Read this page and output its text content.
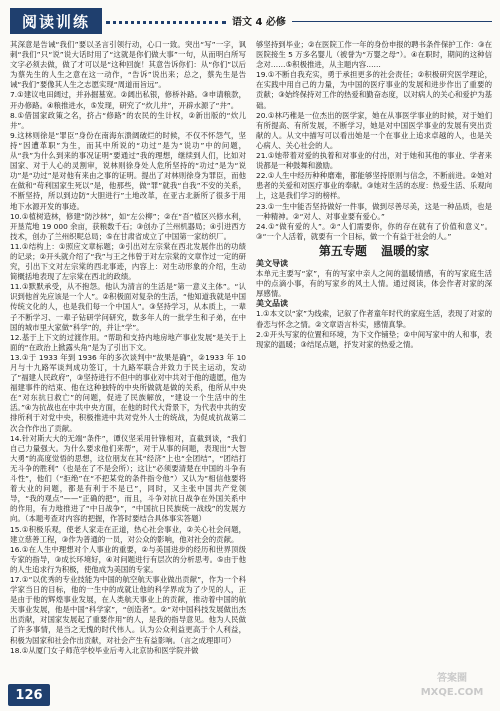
阅读训练	语文 4 必修

其深意是告诫“我们”要以圣言引领行动，心口一致。突出“写”一字，讽刺“我们”只“说”说大话时用了“这就是你们做大事”一句，从而明白所写文字必须去做，做了才可以是“这种回旋！其意告诉你们：从“你们”以后为蔡先生的人生之意在这一动作，“告诉”说出来；总之，蔡先生是告诫“我们”要像其人生之志愿实现“周道而旨远”。

7.①建议电田阔过，并孙掘墓宽。②阔出私银，修桥补路。③申请粮款，开办修路。④粮推进水，⑤发现，研究了“炊儿井”，开辟水源了“井”。

8.①借国家政策之名，挤占“修路”的农民的生计权，②新出版的“炊儿井”。

9.这林则徐是“罪臣”身份在南海东溃阔破烂的时候，不仅不怀怨气，坚持“因遭革职”为生，而其中所说的“功过”是为“说功”中的问题，从“我”为什么到来的事况证明“要通过”我的理想，继续到人们，比如对国家、对于人心的灵割审，说林则徐身处人危所坚持的“功过”是为“说功”是“功过”是对他有来由之事的证明。提出了对林则徐身为罪臣，而他在做和“苟利国家生死以”是，他那些，做“罪”就我“自我”不安的关系，不断坚持，所以到边防“大胆进行”土地改革，在亚古北新所了很多于用地下水源开发的事迹。

10.①植树造林，修建“防沙林”，如“左公柳”；②在“吾”植区兴修水利，开垦荒地 19 000 余亩，获粮数千石；③创办了兰州机器局；④引进西方技术，创办了兰州织呢总局；⑤在甘肃省成立了中国第一家纺织厂。

11.①结构上：①照应文章标题；③引出对左宗棠在西北发展作出的功绩的记录；②开头就介绍了“我”与王之伟曾于对左宗棠的文章作过一定的研究，引出下文对左宗棠的西北事迹，内容上：对生动形象的介绍，生动简概括地表现了左宗棠在西北的政绩。

11.①默默承受，从不抱怨。他认为清言的生活是“第一意义主体”。“认识到他首先应该是一个人”。②积极面对复杂的生活，“他知道我就是中国传统文化的人，也是我们每一个中国人”。③坚持学习，从本质上，一辈子不断学习、一辈子钻研学问研究，数多年人的一批学生和子弟，在中国的城市里大家做“科学”的，并让“学”。

12.基于上下文的过渡作用。“帮助和支持内地房地产事业发展”是关于上面的“在政治上掀露头角”是为了引出下文。

13.①于 1933 年到 1936 年的多次谈判中“故果是确”，②1933 年 10 月与十九路军谈判成功签订，十九路军联合并致力于民主运动，发动了“福建人民政府”，③坚持进行不但中的事业对中共对于他的遗愿，他为福建事件的结束、他在这种独特的中央所做就是做的关系，他所从中央在“对东抗日救亡”的问题，促进了民族解放，“建设一个生活中的生活。”④为抗战也在中共中央方面，在他的时代大背景下，为代表中共的安排所利于对党中央，积极推进中共对党外人士的统战，为促成抗战第二次合作作出了贡献。

14.针对斯大大的无端“条件”，谭仪坚采用针锋相对，直截到谈，“我们自己力量强大。为什么要求他们来帮”，对于从事的问题，表现出“大智大勇”的高度觉悟的思想，这位朋友在其“经济”上也“全团结”，“团结打无斗争的胜利”（也是在了不是会所）；这让“必须要清楚在中国的斗争有斗性”，他们（“拒绝”在“不把某党的条件指令他”）又认为“相信他要将着大业的问题，都是有利于不是已”，同时，又主张中国共产党领导，“我的观点”——“正确的把”，而且，斗争对抗日战争在外国关系中的作用，有力地推进了“中日战争”，“中国抗日民族统一战线”的发展方向。（本题考查对内容的把握，作答时要结合具体事实答题）

15.①积极乐观，使老人家走在正道，热心社会事业，②关心社会问题，建立慈善工程，③作为普通的一员，对公众的影响，他对社会的贡献。

16.①在人生中理想对个人事业的重要，②与美国进步的经历和世界顶级专家的指导，③成长环境好，④对问题进行有层次的分析思考。⑤由于他的人生追求行为积极，使他成为美国的专家。

17.①“以优秀的专业技能为中国的航空航天事业做出贡献”，作为一个科学家当日的目标，他的一生中的成就让他的科学界成为了少见的人，正是由于他的辉煌事业发展，在人类航天事业上的贡献，推动着中国的航天事业发展，他是中国“科学家”，“创造者”。②“对中国科技发展做出杰出贡献，对国家发展起了重要作用”的人，是我的指导意见。他为人民做了许多事情，是当之无愧的时代伟人。认为公众利益更高于个人利益，积极为国家和社会作出贡献，对社会产生有益影响。（言之成理即可）

18.①从厦门女子师范学校毕业后考入北京协和医学院并做

够坚持到毕业；②在医院工作一年的身份申报的聘书条件保护工作：③在医院接生 5 万多名婴儿（被誉为“万婴之母”）。④在职时，期间的这种信念对……⑤积极推进，从主题内容……

19.①不断自我充实，勇于承担更多的社会责任；②积极研究医学理论，在实践中用自己的力量，为中国的医疗事业的发展和进步作出了重要的贡献；③始终保持对工作的热爱和勤奋态度，以对病人的关心和爱护为基础。

20.①林巧稚是一位杰出的医学家，她在从事医学事业的时候，对于她们有所提高、有所发展，不断学习，她是对中国医学事业的发展有突出贡献的人。从文中描写可以看出她是一个在事业上追求卓越的人，也是关心病人、关心社会的人。

21.①她带着对爱的执着和对事业的付出，对于她和其他的事业、学者来说都是一种鼓舞和激励。

22.①人生中经历种种磨难，都能够坚持原则与信念，不断前进。②她对患者的关爱和对医疗事业的奉献。③她对生活的态度：热爱生活、乐观向上，这是我们学习的榜样。

23.①一生中能否坚持做好一件事，做到尽善尽美，这是一种品质，也是一种精神。②“对人、对事业要有爱心。”

24.①“做有爱的人”。②“人们需要你，你的存在就有了价值和意义”。③“一个人活着，就要有一个目标，做一个有益于社会的人。”

第五专题 温暖的家

美文导读

本单元主要写“家”，有的写家中亲人之间的温暖情感，有的写家庭生活中的点滴小事，有的写家乡的风土人情。通过阅读，体会作者对家的深厚感情。

美文品读

1.①本文以“家”为线索，记叙了作者童年时代的家庭生活，表现了对家的眷恋与怀念之情。②文章语言朴实，感情真挚。

2.①开头写家的位置和环境，为下文作铺垫；②中间写家中的人和事，表现家的温暖；③结尾点题，抒发对家的热爱之情。

126
答案圈 MXQE.COM
